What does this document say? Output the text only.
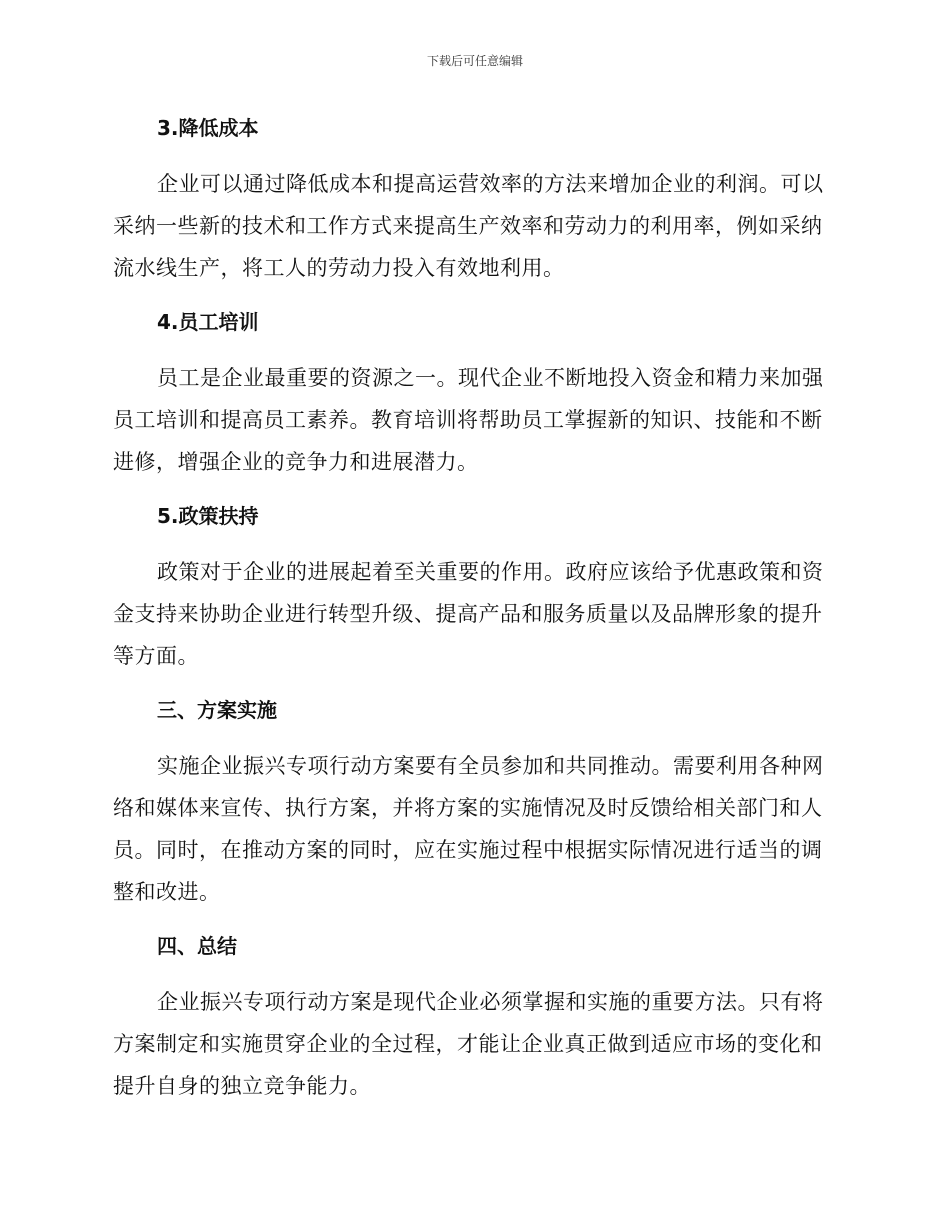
下载后可任意编辑
3.降低成本

企业可以通过降低成本和提高运营效率的方法来增加企业的利润。可以采纳一些新的技术和工作方式来提高生产效率和劳动力的利用率，例如采纳流水线生产，将工人的劳动力投入有效地利用。

4.员工培训

员工是企业最重要的资源之一。现代企业不断地投入资金和精力来加强员工培训和提高员工素养。教育培训将帮助员工掌握新的知识、技能和不断进修，增强企业的竞争力和进展潜力。

5.政策扶持

政策对于企业的进展起着至关重要的作用。政府应该给予优惠政策和资金支持来协助企业进行转型升级、提高产品和服务质量以及品牌形象的提升等方面。

三、方案实施

实施企业振兴专项行动方案要有全员参加和共同推动。需要利用各种网络和媒体来宣传、执行方案，并将方案的实施情况及时反馈给相关部门和人员。同时，在推动方案的同时，应在实施过程中根据实际情况进行适当的调整和改进。

四、总结

企业振兴专项行动方案是现代企业必须掌握和实施的重要方法。只有将方案制定和实施贯穿企业的全过程，才能让企业真正做到适应市场的变化和提升自身的独立竞争能力。
